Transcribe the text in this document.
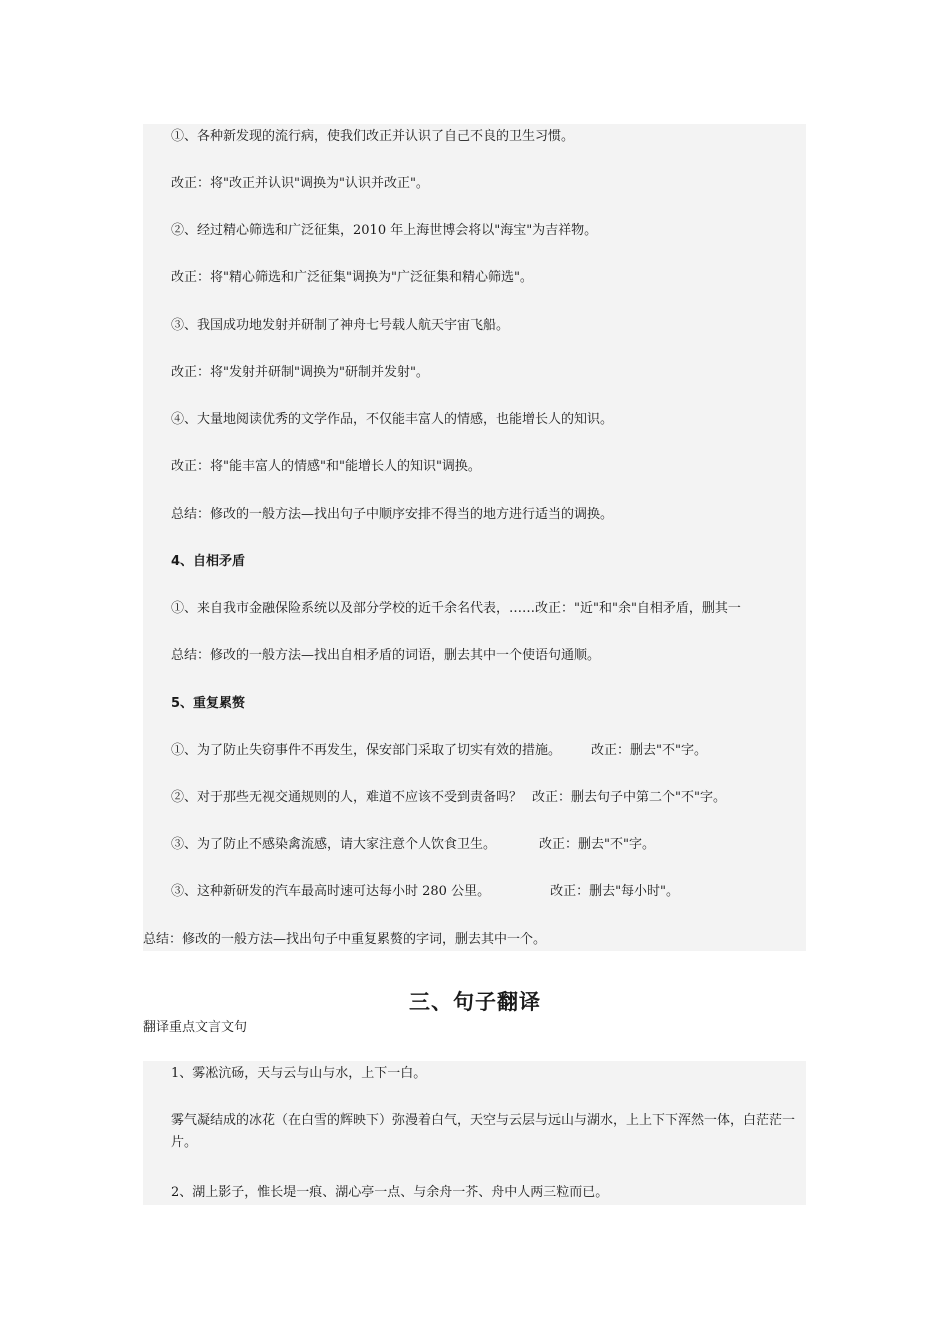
①、各种新发现的流行病，使我们改正并认识了自己不良的卫生习惯。
改正：将"改正并认识"调换为"认识并改正"。
②、经过精心筛选和广泛征集，2010 年上海世博会将以"海宝"为吉祥物。
改正：将"精心筛选和广泛征集"调换为"广泛征集和精心筛选"。
③、我国成功地发射并研制了神舟七号载人航天宇宙飞船。
改正：将"发射并研制"调换为"研制并发射"。
④、大量地阅读优秀的文学作品，不仅能丰富人的情感，也能增长人的知识。
改正：将"能丰富人的情感"和"能增长人的知识"调换。
总结：修改的一般方法—找出句子中顺序安排不得当的地方进行适当的调换。
4、自相矛盾
①、来自我市金融保险系统以及部分学校的近千余名代表，……改正："近"和"余"自相矛盾，删其一
总结：修改的一般方法—找出自相矛盾的词语，删去其中一个使语句通顺。
5、重复累赘
①、为了防止失窃事件不再发生，保安部门采取了切实有效的措施。 改正：删去"不"字。
②、对于那些无视交通规则的人，难道不应该不受到责备吗？ 改正：删去句子中第二个"不"字。
③、为了防止不感染禽流感，请大家注意个人饮食卫生。	改正：删去"不"字。
③、这种新研发的汽车最高时速可达每小时 280 公里。	改正：删去"每小时"。
总结：修改的一般方法—找出句子中重复累赘的字词，删去其中一个。
三、句子翻译
翻译重点文言文句
1、雾凇沆砀，天与云与山与水，上下一白。
雾气凝结成的冰花（在白雪的辉映下）弥漫着白气，天空与云层与远山与湖水，上上下下浑然一体，白茫茫一片。
2、湖上影子，惟长堤一痕、湖心亭一点、与余舟一芥、舟中人两三粒而已。
